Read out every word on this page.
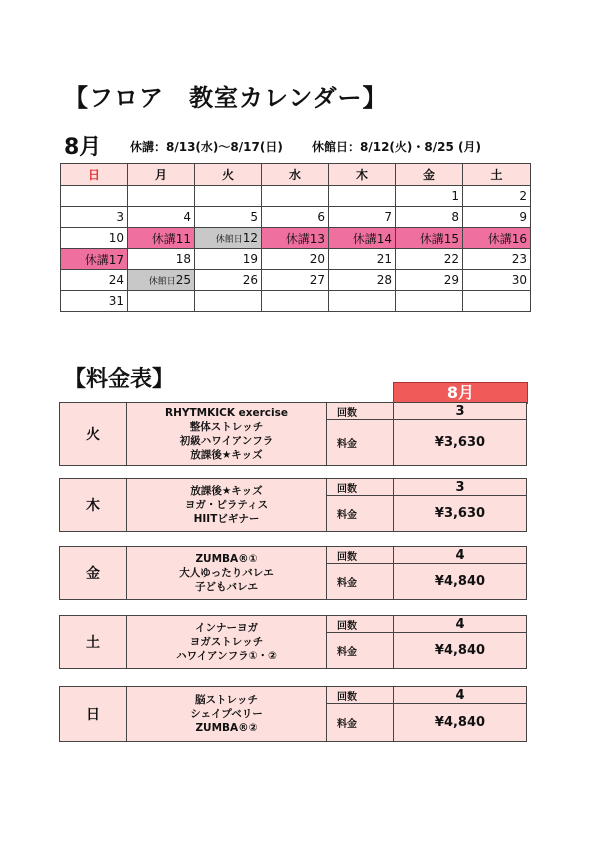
【フロア　教室カレンダー】
8月 休講：8/13(水)～8/17(日) 休館日：8/12(火)・8/25 (月)
日	月	火	水	木	金	土
					1	2
3	4	5	6	7	8	9
10	休講11	休館日12	休講13	休講14	休講15	休講16
休講17	18	19	20	21	22	23
24	休館日25	26	27	28	29	30
31						
【料金表】
8月
火	RHYTMKICK exercise
整体ストレッチ
初級ハワイアンフラ
放課後★キッズ	回数	3
		料金	¥3,630
木	放課後★キッズ
ヨガ・ピラティス
HIITビギナー	回数	3
		料金	¥3,630
金	ZUMBA®①
大人ゆったりバレエ
子どもバレエ	回数	4
		料金	¥4,840
土	インナーヨガ
ヨガストレッチ
ハワイアンフラ①・②	回数	4
		料金	¥4,840
日	脳ストレッチ
シェイプベリー
ZUMBA®②	回数	4
		料金	¥4,840
